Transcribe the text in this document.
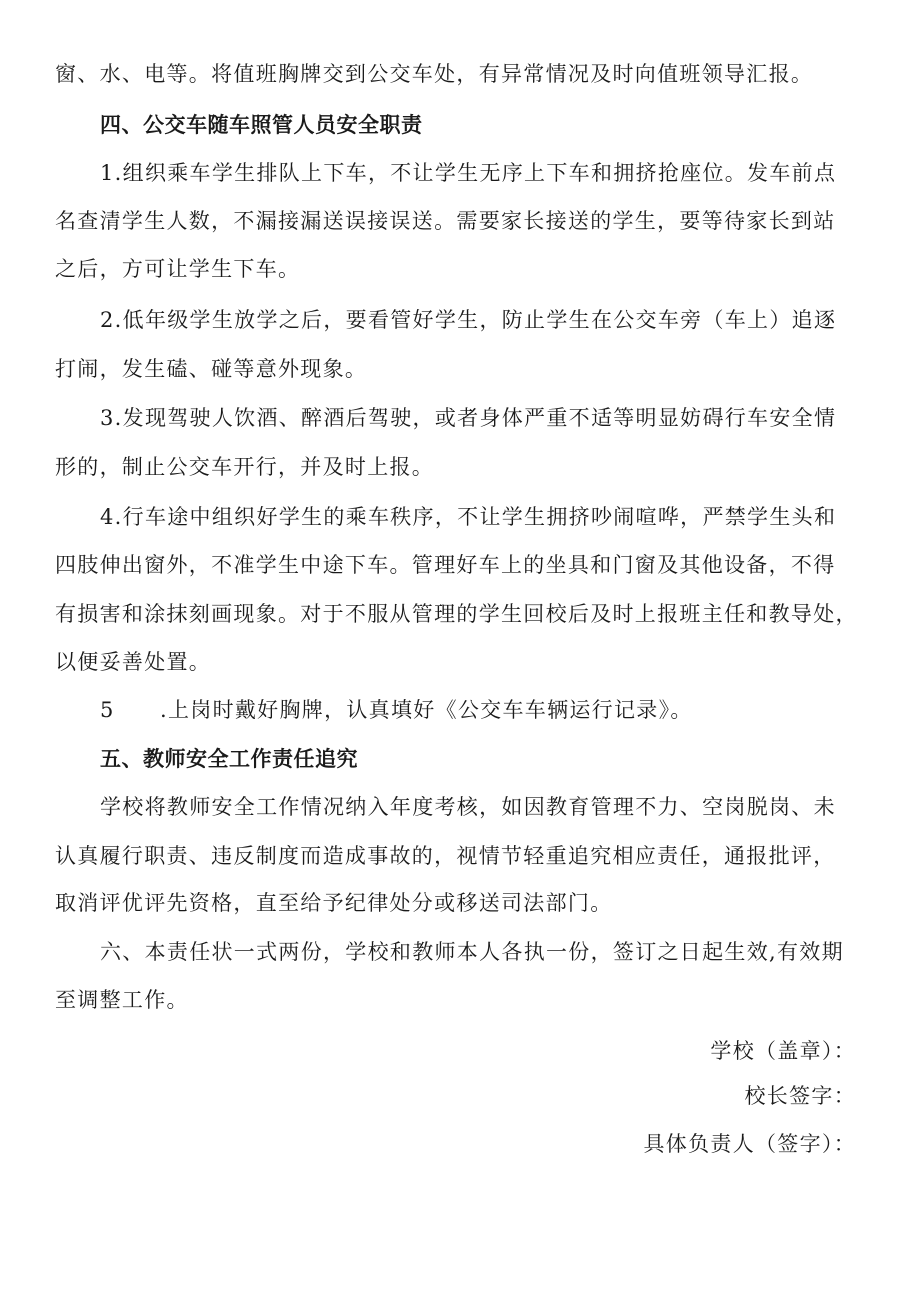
窗、水、电等。将值班胸牌交到公交车处，有异常情况及时向值班领导汇报。
四、公交车随车照管人员安全职责
1.组织乘车学生排队上下车，不让学生无序上下车和拥挤抢座位。发车前点
名查清学生人数，不漏接漏送误接误送。需要家长接送的学生，要等待家长到站
之后，方可让学生下车。
2.低年级学生放学之后，要看管好学生，防止学生在公交车旁（车上）追逐
打闹，发生磕、碰等意外现象。
3.发现驾驶人饮酒、醉酒后驾驶，或者身体严重不适等明显妨碍行车安全情
形的，制止公交车开行，并及时上报。
4.行车途中组织好学生的乘车秩序，不让学生拥挤吵闹喧哗，严禁学生头和
四肢伸出窗外，不准学生中途下车。管理好车上的坐具和门窗及其他设备，不得
有损害和涂抹刻画现象。对于不服从管理的学生回校后及时上报班主任和教导处，
以便妥善处置。
5 .上岗时戴好胸牌，认真填好《公交车车辆运行记录》。
五、教师安全工作责任追究
学校将教师安全工作情况纳入年度考核，如因教育管理不力、空岗脱岗、未
认真履行职责、违反制度而造成事故的，视情节轻重追究相应责任，通报批评，
取消评优评先资格，直至给予纪律处分或移送司法部门。
六、本责任状一式两份，学校和教师本人各执一份，签订之日起生效,有效期
至调整工作。
学校（盖章）：
校长签字：
具体负责人（签字）：
